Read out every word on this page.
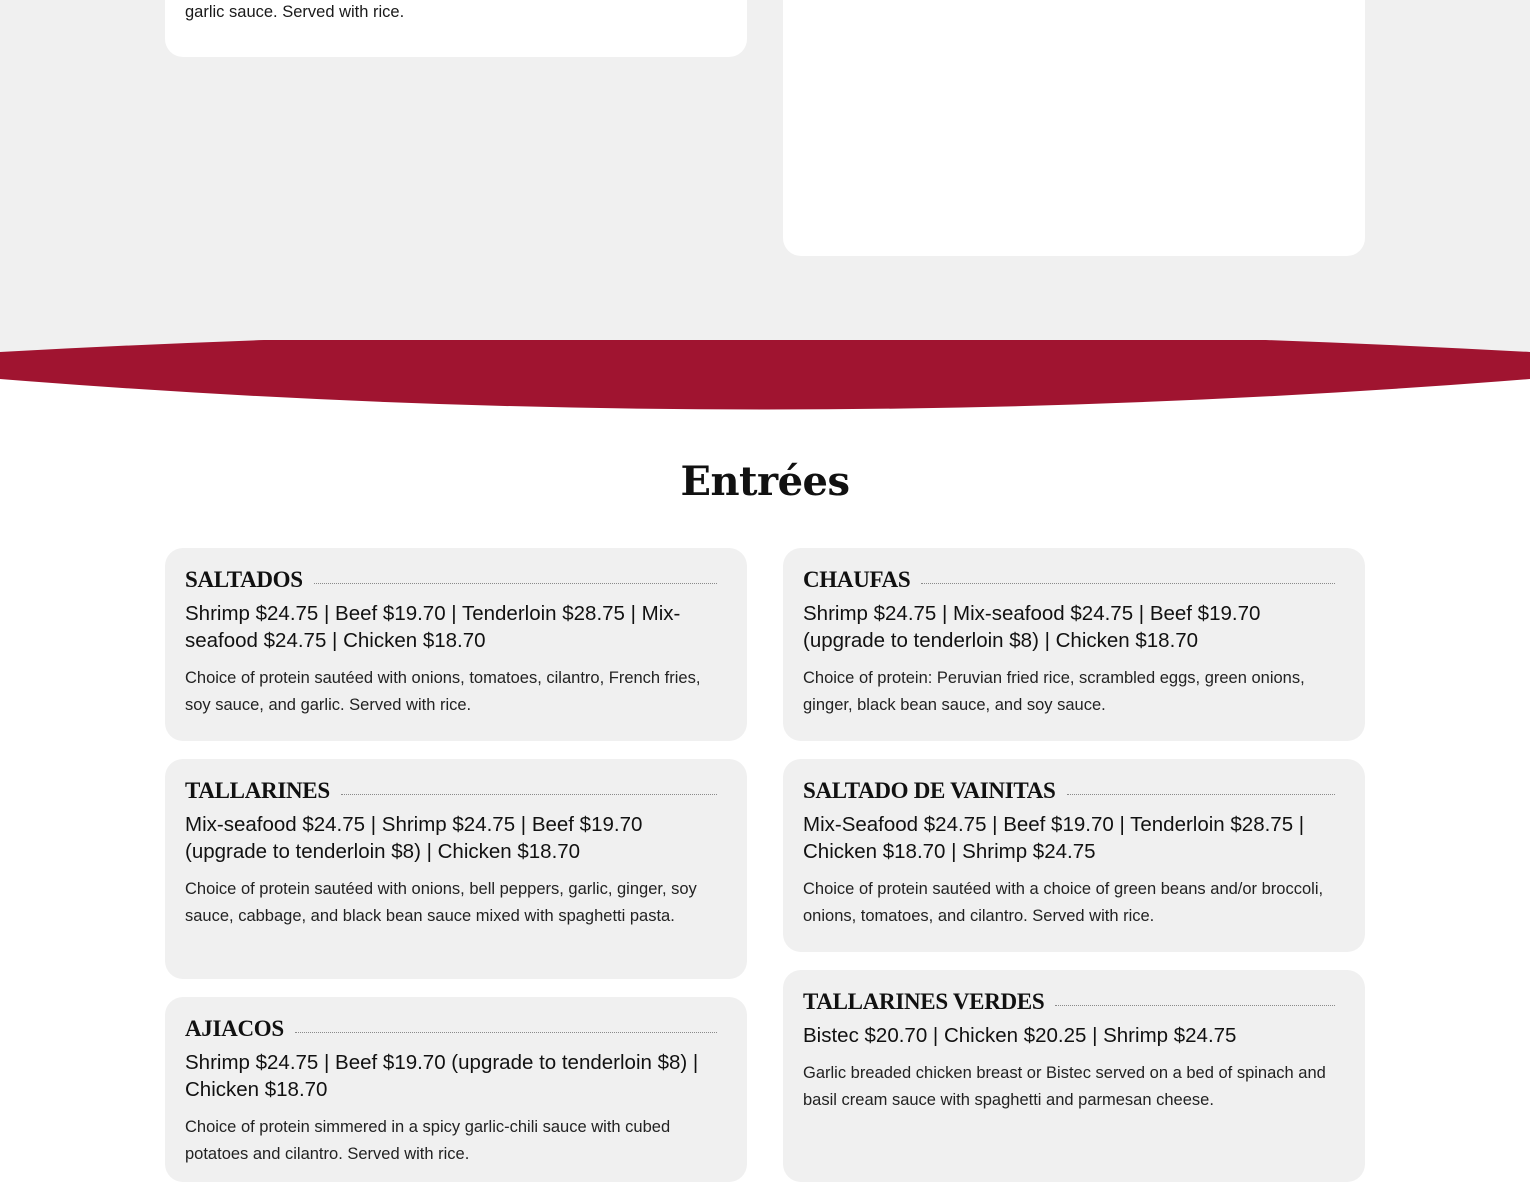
garlic sauce. Served with rice.

Entrées
SALTADOS

Shrimp $24.75 | Beef $19.70 | Tenderloin $28.75 | Mix-seafood $24.75 | Chicken $18.70

Choice of protein sautéed with onions, tomatoes, cilantro, French fries, soy sauce, and garlic. Served with rice.

CHAUFAS

Shrimp $24.75 | Mix-seafood $24.75 | Beef $19.70 (upgrade to tenderloin $8) | Chicken $18.70

Choice of protein: Peruvian fried rice, scrambled eggs, green onions, ginger, black bean sauce, and soy sauce.

TALLARINES

Mix-seafood $24.75 | Shrimp $24.75 | Beef $19.70 (upgrade to tenderloin $8) | Chicken $18.70

Choice of protein sautéed with onions, bell peppers, garlic, ginger, soy sauce, cabbage, and black bean sauce mixed with spaghetti pasta.

SALTADO DE VAINITAS

Mix-Seafood $24.75 | Beef $19.70 | Tenderloin $28.75 | Chicken $18.70 | Shrimp $24.75

Choice of protein sautéed with a choice of green beans and/or broccoli, onions, tomatoes, and cilantro. Served with rice.

AJIACOS

Shrimp $24.75 | Beef $19.70 (upgrade to tenderloin $8) | Chicken $18.70

Choice of protein simmered in a spicy garlic-chili sauce with cubed potatoes and cilantro. Served with rice.

TALLARINES VERDES

Bistec $20.70 | Chicken $20.25 | Shrimp $24.75

Garlic breaded chicken breast or Bistec served on a bed of spinach and basil cream sauce with spaghetti and parmesan cheese.
